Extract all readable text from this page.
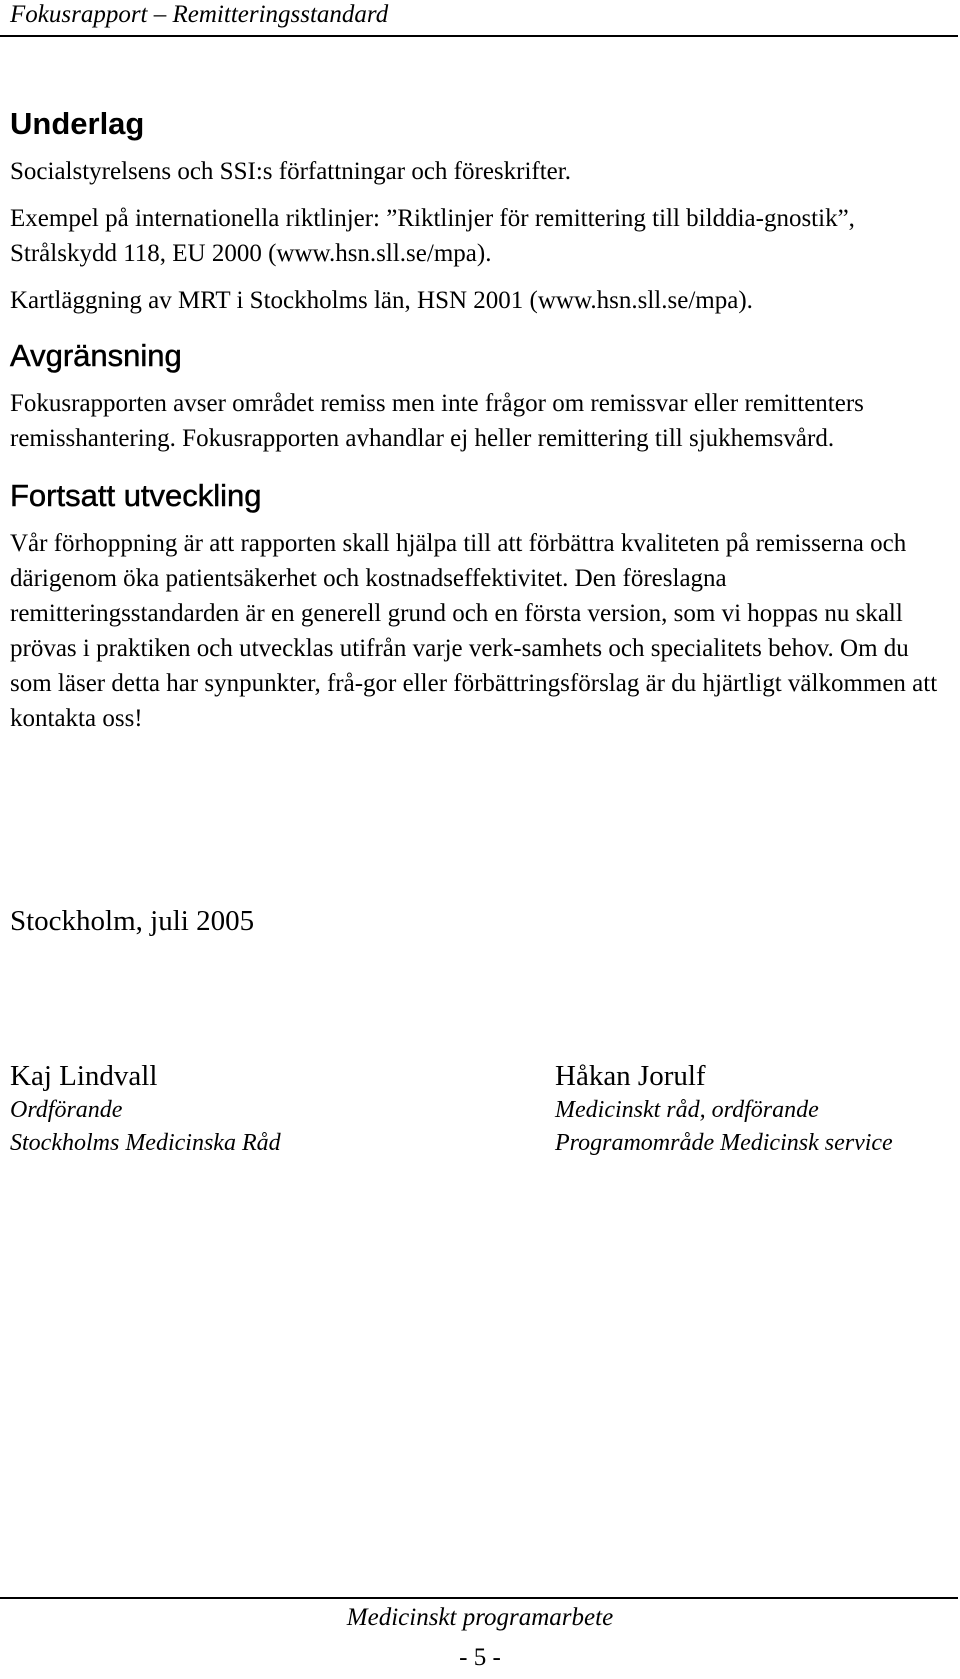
Fokusrapport – Remitteringsstandard
Underlag

Socialstyrelsens och SSI:s författningar och föreskrifter.

Exempel på internationella riktlinjer: ”Riktlinjer för remittering till bilddia-gnostik”, Strålskydd 118, EU 2000 (www.hsn.sll.se/mpa).

Kartläggning av MRT i Stockholms län, HSN 2001 (www.hsn.sll.se/mpa).

Avgränsning

Fokusrapporten avser området remiss men inte frågor om remissvar eller remittenters remisshantering. Fokusrapporten avhandlar ej heller remittering till sjukhemsvård.

Fortsatt utveckling

Vår förhoppning är att rapporten skall hjälpa till att förbättra kvaliteten på remisserna och därigenom öka patientsäkerhet och kostnadseffektivitet. Den föreslagna remitteringsstandarden är en generell grund och en första version, som vi hoppas nu skall prövas i praktiken och utvecklas utifrån varje verk-samhets och specialitets behov. Om du som läser detta har synpunkter, frå-gor eller förbättringsförslag är du hjärtligt välkommen att kontakta oss!

Stockholm, juli 2005
Kaj Lindvall
Ordförande
Stockholms Medicinska Råd
Håkan Jorulf
Medicinskt råd, ordförande
Programområde Medicinsk service
Medicinskt programarbete
- 5 -
